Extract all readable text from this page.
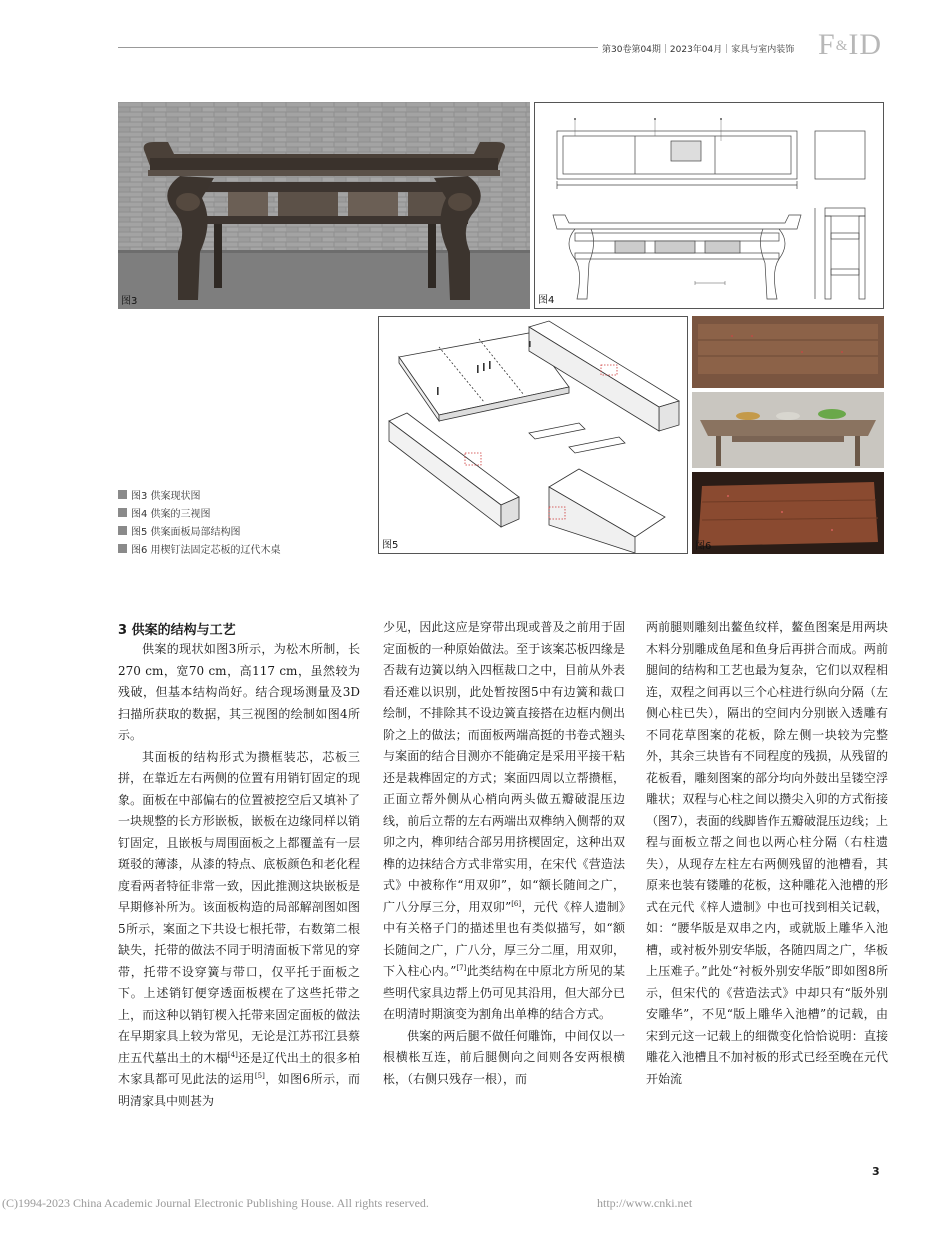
第30卷第04期｜2023年04月｜家具与室内装饰 F&ID
图3	图4
图5	图6
图3 供案现状图
图4 供案的三视图
图5 供案面板局部结构图
图6 用楔钉法固定芯板的辽代木桌
3 供案的结构与工艺

供案的现状如图3所示，为松木所制，长270 cm，宽70 cm，高117 cm，虽然较为残破，但基本结构尚好。结合现场测量及3D扫描所获取的数据，其三视图的绘制如图4所示。

其面板的结构形式为攒框装芯，芯板三拼，在靠近左右两侧的位置有用销钉固定的现象。面板在中部偏右的位置被挖空后又填补了一块规整的长方形嵌板，嵌板在边缘同样以销钉固定，且嵌板与周围面板之上都覆盖有一层斑驳的薄漆，从漆的特点、底板颜色和老化程度看两者特征非常一致，因此推测这块嵌板是早期修补所为。该面板构造的局部解剖图如图5所示，案面之下共设七根托带，右数第二根缺失，托带的做法不同于明清面板下常见的穿带，托带不设穿簧与带口，仅平托于面板之下。上述销钉便穿透面板楔在了这些托带之上，而这种以销钉楔入托带来固定面板的做法在早期家具上较为常见，无论是江苏邗江县蔡庄五代墓出土的木榻[4]还是辽代出土的很多柏木家具都可见此法的运用[5]，如图6所示，而明清家具中则甚为

少见，因此这应是穿带出现或普及之前用于固定面板的一种原始做法。至于该案芯板四缘是否裁有边簧以纳入四框裁口之中，目前从外表看还难以识别，此处暂按图5中有边簧和裁口绘制，不排除其不设边簧直接搭在边框内侧出阶之上的做法；而面板两端高挺的书卷式翘头与案面的结合目测亦不能确定是采用平接干粘还是栽榫固定的方式；案面四周以立帮攒框，正面立帮外侧从心梢向两头做五瓣破混压边线，前后立帮的左右两端出双榫纳入侧帮的双卯之内，榫卯结合部另用挤楔固定，这种出双榫的边抹结合方式非常实用，在宋代《营造法式》中被称作“用双卯”，如“额长随间之广，广八分厚三分，用双卯”[6]，元代《梓人遗制》中有关格子门的描述里也有类似描写，如“额长随间之广，广八分，厚三分二厘，用双卯，下入柱心内。”[7]此类结构在中原北方所见的某些明代家具边帮上仍可见其沿用，但大部分已在明清时期演变为割角出单榫的结合方式。

供案的两后腿不做任何雕饰，中间仅以一根横枨互连，前后腿侧向之间则各安两根横枨，（右侧只残存一根），而

两前腿则雕刻出鳌鱼纹样，鳌鱼图案是用两块木料分别雕成鱼尾和鱼身后再拼合而成。两前腿间的结构和工艺也最为复杂，它们以双程相连，双程之间再以三个心柱进行纵向分隔（左侧心柱已失），隔出的空间内分别嵌入透雕有不同花草图案的花板，除左侧一块较为完整外，其余三块皆有不同程度的残损，从残留的花板看，雕刻图案的部分均向外鼓出呈镂空浮雕状；双程与心柱之间以攒尖入卯的方式衔接（图7），表面的线脚皆作五瓣破混压边线；上程与面板立帮之间也以两心柱分隔（右柱遗失），从现存左柱左右两侧残留的池槽看，其原来也装有镂雕的花板，这种雕花入池槽的形式在元代《梓人遗制》中也可找到相关记载，如：“腰华版是双串之内，或就版上雕华入池槽，或衬板外别安华版，各随四周之广，华板上压难子。”此处“衬板外别安华版”即如图8所示，但宋代的《营造法式》中却只有“版外别安雕华”，不见“版上雕华入池槽”的记载，由宋到元这一记载上的细微变化恰恰说明：直接雕花入池槽且不加衬板的形式已经至晚在元代开始流

3
(C)1994-2023 China Academic Journal Electronic Publishing House. All rights reserved.	http://www.cnki.net
